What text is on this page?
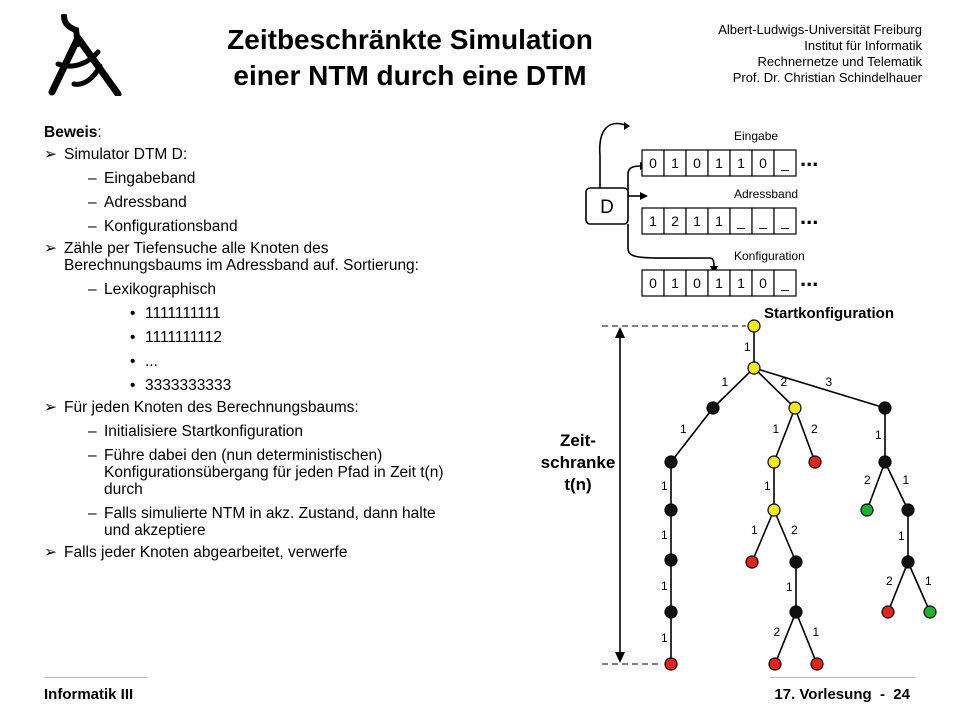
Zeitbeschränkte Simulation
einer NTM durch eine DTM
Albert-Ludwigs-Universität Freiburg
Institut für Informatik
Rechnernetze und Telematik
Prof. Dr. Christian Schindelhauer
Beweis:
➢ Simulator DTM D:
– Eingabeband
– Adressband
– Konfigurationsband
➢ Zähle per Tiefensuche alle Knoten des Berechnungsbaums im Adressband auf. Sortierung:
– Lexikographisch
• 1111111111
• 1111111112
• ...
• 3333333333
➢ Für jeden Knoten des Berechnungsbaums:
– Initialisiere Startkonfiguration
– Führe dabei den (nun deterministischen) Konfigurationsübergang für jeden Pfad in Zeit t(n) durch
– Falls simulierte NTM in akz. Zustand, dann halte und akzeptiere
➢ Falls jeder Knoten abgearbeitet, verwerfe
D
Eingabe
0 1 0 1 1 0 _ ...
Adressband
1 2 1 1 _ _ _ ...
Konfiguration
0 1 0 1 1 0 _ ...
1
1	2	3
1	1	2	1
1	1	2	1
1	1	2	1
1	1	2	1
1	2	1
Startkonfiguration
Zeit-
schranke
t(n)
Informatik III	17. Vorlesung  -  24
